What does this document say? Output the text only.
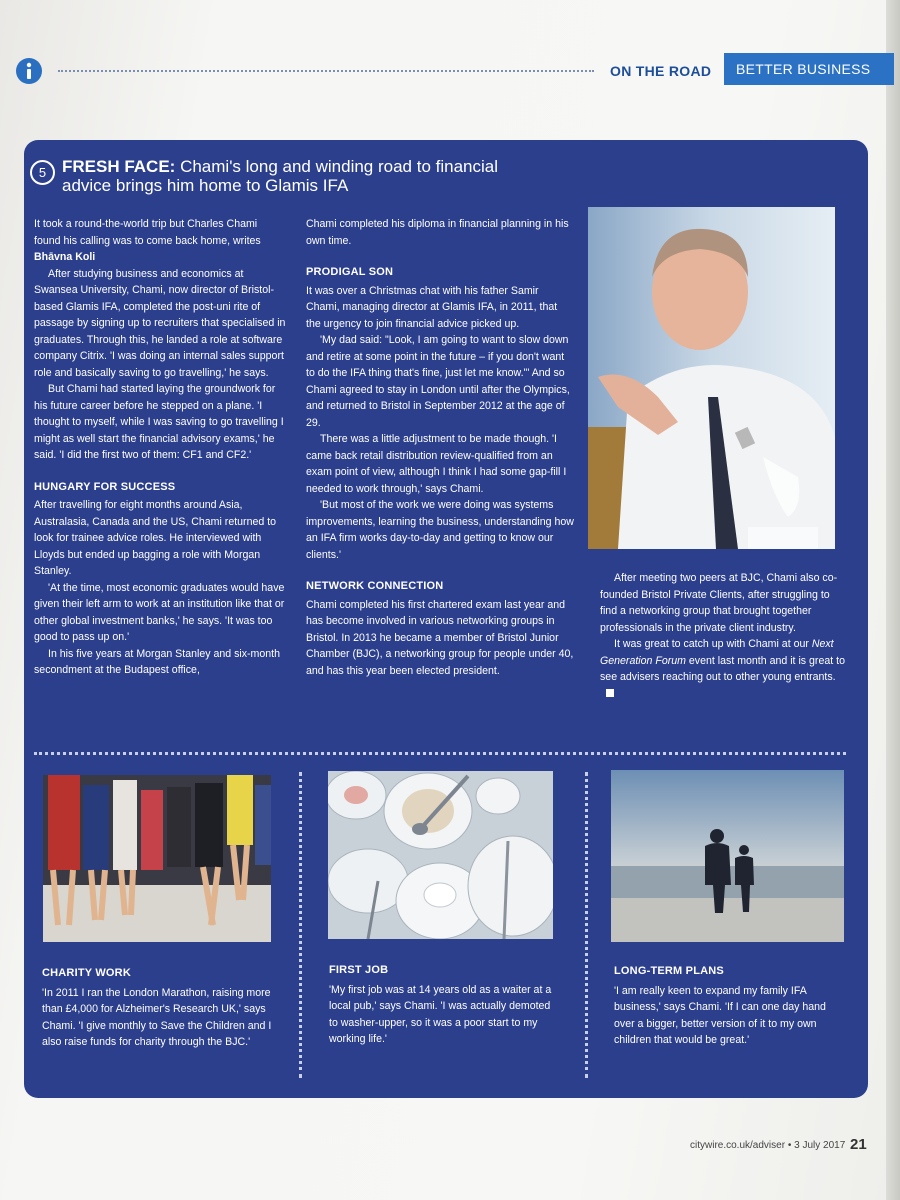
ON THE ROAD	BETTER BUSINESS
5 FRESH FACE: Chami's long and winding road to financial advice brings him home to Glamis IFA

It took a round-the-world trip but Charles Chami found his calling was to come back home, writes Bhāvna Koli

After studying business and economics at Swansea University, Chami, now director of Bristol-based Glamis IFA, completed the post-uni rite of passage by signing up to recruiters that specialised in graduates. Through this, he landed a role at software company Citrix. 'I was doing an internal sales support role and basically saving to go travelling,' he says.

But Chami had started laying the groundwork for his future career before he stepped on a plane. 'I thought to myself, while I was saving to go travelling I might as well start the financial advisory exams,' he said. 'I did the first two of them: CF1 and CF2.'

HUNGARY FOR SUCCESS

After travelling for eight months around Asia, Australasia, Canada and the US, Chami returned to look for trainee advice roles. He interviewed with Lloyds but ended up bagging a role with Morgan Stanley.

'At the time, most economic graduates would have given their left arm to work at an institution like that or other global investment banks,' he says. 'It was too good to pass up on.'

In his five years at Morgan Stanley and six-month secondment at the Budapest office,

Chami completed his diploma in financial planning in his own time.

PRODIGAL SON

It was over a Christmas chat with his father Samir Chami, managing director at Glamis IFA, in 2011, that the urgency to join financial advice picked up.

'My dad said: "Look, I am going to want to slow down and retire at some point in the future – if you don't want to do the IFA thing that's fine, just let me know."' And so Chami agreed to stay in London until after the Olympics, and returned to Bristol in September 2012 at the age of 29.

There was a little adjustment to be made though. 'I came back retail distribution review-qualified from an exam point of view, although I think I had some gap-fill I needed to work through,' says Chami.

'But most of the work we were doing was systems improvements, learning the business, understanding how an IFA firm works day-to-day and getting to know our clients.'

NETWORK CONNECTION

Chami completed his first chartered exam last year and has become involved in various networking groups in Bristol. In 2013 he became a member of Bristol Junior Chamber (BJC), a networking group for people under 40, and has this year been elected president.

After meeting two peers at BJC, Chami also co-founded Bristol Private Clients, after struggling to find a networking group that brought together professionals in the private client industry.

It was great to catch up with Chami at our Next Generation Forum event last month and it is great to see advisers reaching out to other young entrants.

CHARITY WORK

'In 2011 I ran the London Marathon, raising more than £4,000 for Alzheimer's Research UK,' says Chami. 'I give monthly to Save the Children and I also raise funds for charity through the BJC.'

FIRST JOB

'My first job was at 14 years old as a waiter at a local pub,' says Chami. 'I was actually demoted to washer-upper, so it was a poor start to my working life.'

LONG-TERM PLANS

'I am really keen to expand my family IFA business,' says Chami. 'If I can one day hand over a bigger, better version of it to my own children that would be great.'

citywire.co.uk/adviser • 3 July 2017 21
